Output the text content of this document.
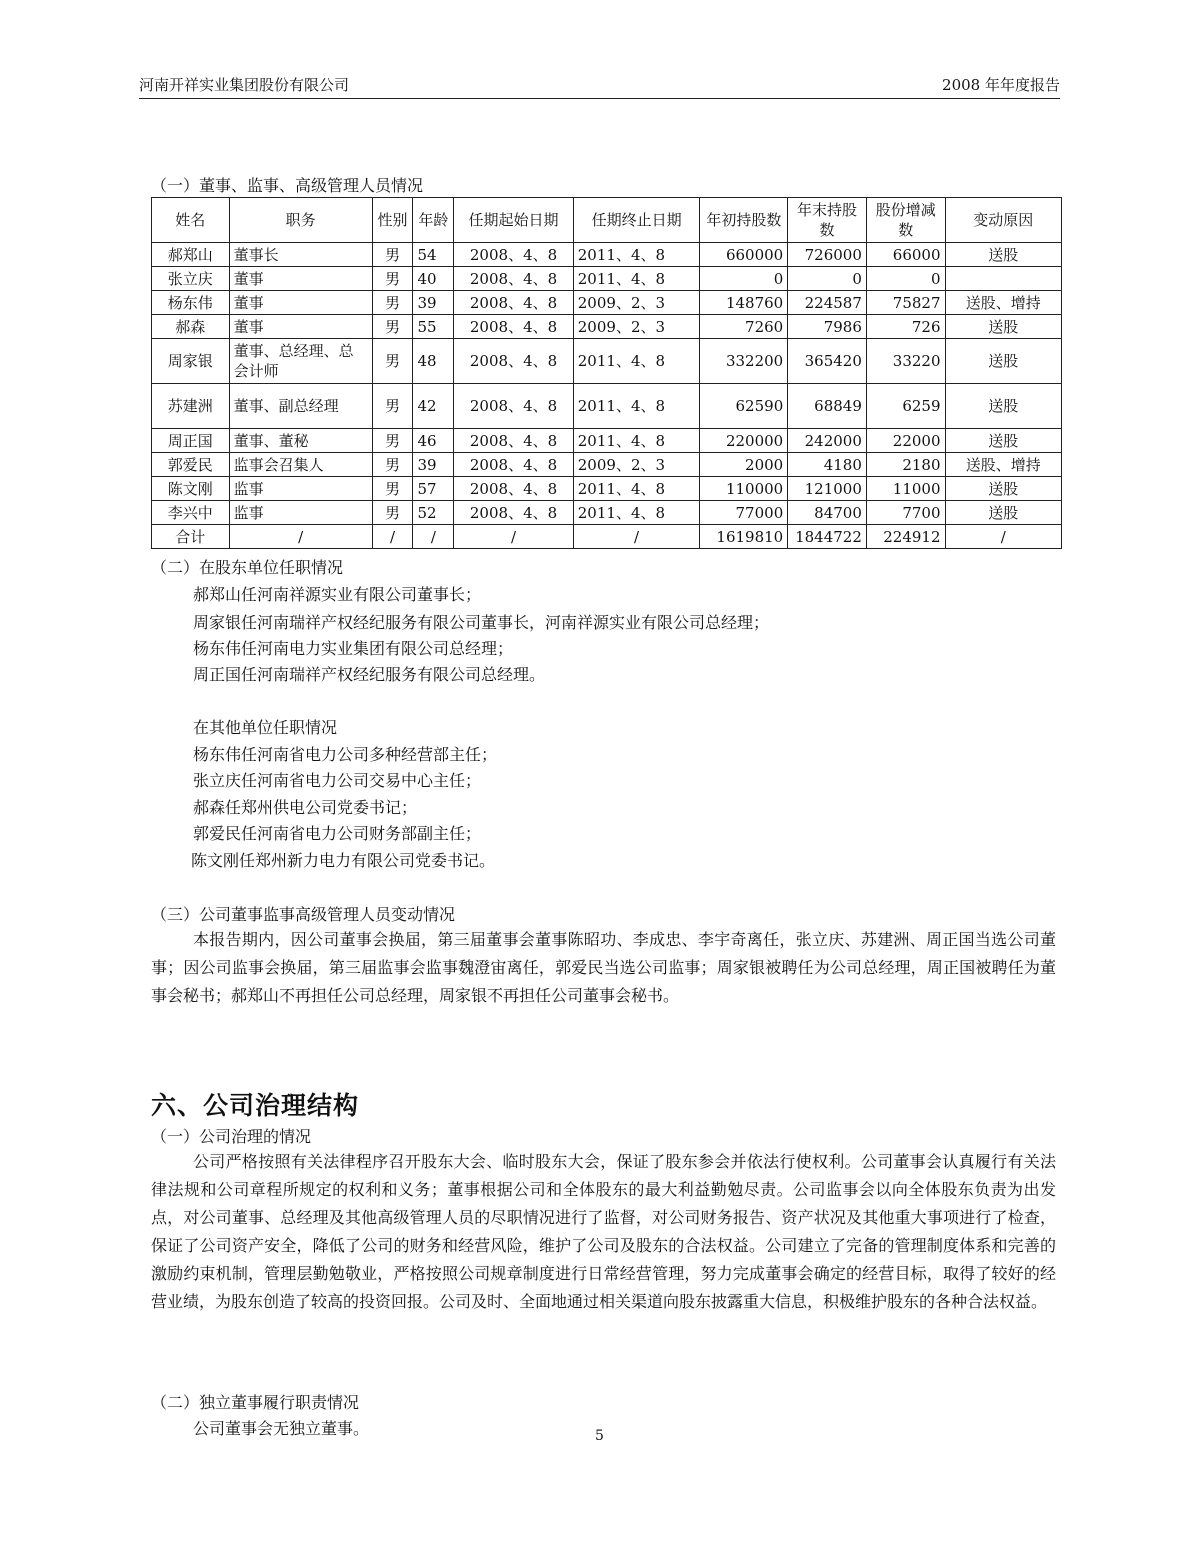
河南开祥实业集团股份有限公司	2008 年年度报告
（一）董事、监事、高级管理人员情况
姓名	职务	性别	年龄	任期起始日期	任期终止日期	年初持股数	年末持股数	股份增减数	变动原因
郝郑山	董事长	男	54	2008、4、8	2011、4、8	660000	726000	66000	送股
张立庆	董事	男	40	2008、4、8	2011、4、8	0	0	0	
杨东伟	董事	男	39	2008、4、8	2009、2、3	148760	224587	75827	送股、增持
郝森	董事	男	55	2008、4、8	2009、2、3	7260	7986	726	送股
周家银	董事、总经理、总会计师	男	48	2008、4、8	2011、4、8	332200	365420	33220	送股
苏建洲	董事、副总经理	男	42	2008、4、8	2011、4、8	62590	68849	6259	送股
周正国	董事、董秘	男	46	2008、4、8	2011、4、8	220000	242000	22000	送股
郭爱民	监事会召集人	男	39	2008、4、8	2009、2、3	2000	4180	2180	送股、增持
陈文刚	监事	男	57	2008、4、8	2011、4、8	110000	121000	11000	送股
李兴中	监事	男	52	2008、4、8	2011、4、8	77000	84700	7700	送股
合计	/	/	/	/	/	1619810	1844722	224912	/
（二）在股东单位任职情况
郝郑山任河南祥源实业有限公司董事长；
周家银任河南瑞祥产权经纪服务有限公司董事长，河南祥源实业有限公司总经理；
杨东伟任河南电力实业集团有限公司总经理；
周正国任河南瑞祥产权经纪服务有限公司总经理。
在其他单位任职情况
杨东伟任河南省电力公司多种经营部主任；
张立庆任河南省电力公司交易中心主任；
郝森任郑州供电公司党委书记；
郭爱民任河南省电力公司财务部副主任；
陈文刚任郑州新力电力有限公司党委书记。
（三）公司董事监事高级管理人员变动情况
本报告期内，因公司董事会换届，第三届董事会董事陈昭功、李成忠、李宇奇离任，张立庆、苏建洲、周正国当选公司董事；因公司监事会换届，第三届监事会监事魏澄宙离任，郭爱民当选公司监事；周家银被聘任为公司总经理，周正国被聘任为董事会秘书；郝郑山不再担任公司总经理，周家银不再担任公司董事会秘书。
六、公司治理结构
（一）公司治理的情况
公司严格按照有关法律程序召开股东大会、临时股东大会，保证了股东参会并依法行使权利。公司董事会认真履行有关法律法规和公司章程所规定的权利和义务；董事根据公司和全体股东的最大利益勤勉尽责。公司监事会以向全体股东负责为出发点，对公司董事、总经理及其他高级管理人员的尽职情况进行了监督，对公司财务报告、资产状况及其他重大事项进行了检查，保证了公司资产安全，降低了公司的财务和经营风险，维护了公司及股东的合法权益。公司建立了完备的管理制度体系和完善的激励约束机制，管理层勤勉敬业，严格按照公司规章制度进行日常经营管理，努力完成董事会确定的经营目标，取得了较好的经营业绩，为股东创造了较高的投资回报。公司及时、全面地通过相关渠道向股东披露重大信息，积极维护股东的各种合法权益。
（二）独立董事履行职责情况
公司董事会无独立董事。	5
